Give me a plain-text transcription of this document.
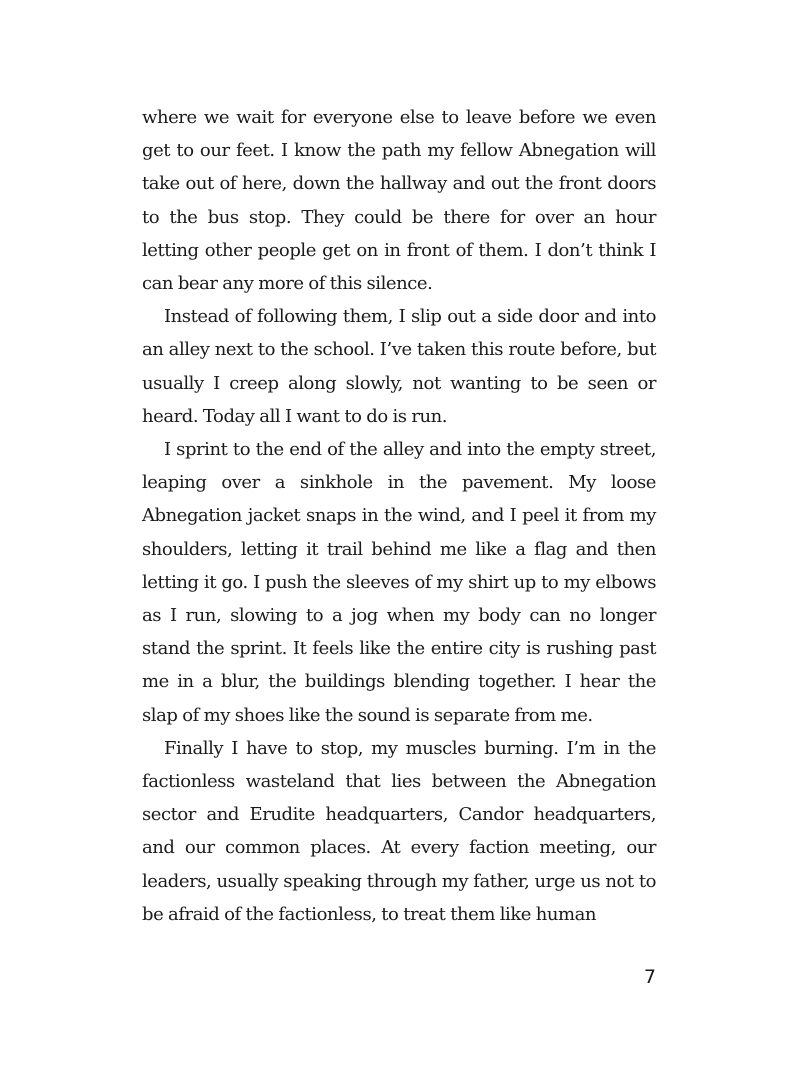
where we wait for everyone else to leave before we even get to our feet. I know the path my fellow Abnegation will take out of here, down the hallway and out the front doors to the bus stop. They could be there for over an hour letting other people get on in front of them. I don’t think I can bear any more of this silence.

Instead of following them, I slip out a side door and into an alley next to the school. I’ve taken this route before, but usually I creep along slowly, not wanting to be seen or heard. Today all I want to do is run.

I sprint to the end of the alley and into the empty street, leaping over a sinkhole in the pavement. My loose Abnegation jacket snaps in the wind, and I peel it from my shoulders, letting it trail behind me like a flag and then letting it go. I push the sleeves of my shirt up to my elbows as I run, slowing to a jog when my body can no longer stand the sprint. It feels like the entire city is rushing past me in a blur, the buildings blending together. I hear the slap of my shoes like the sound is separate from me.

Finally I have to stop, my muscles burning. I’m in the factionless wasteland that lies between the Abnegation sector and Erudite headquarters, Candor headquarters, and our common places. At every faction meeting, our leaders, usually speaking through my father, urge us not to be afraid of the factionless, to treat them like human

7
